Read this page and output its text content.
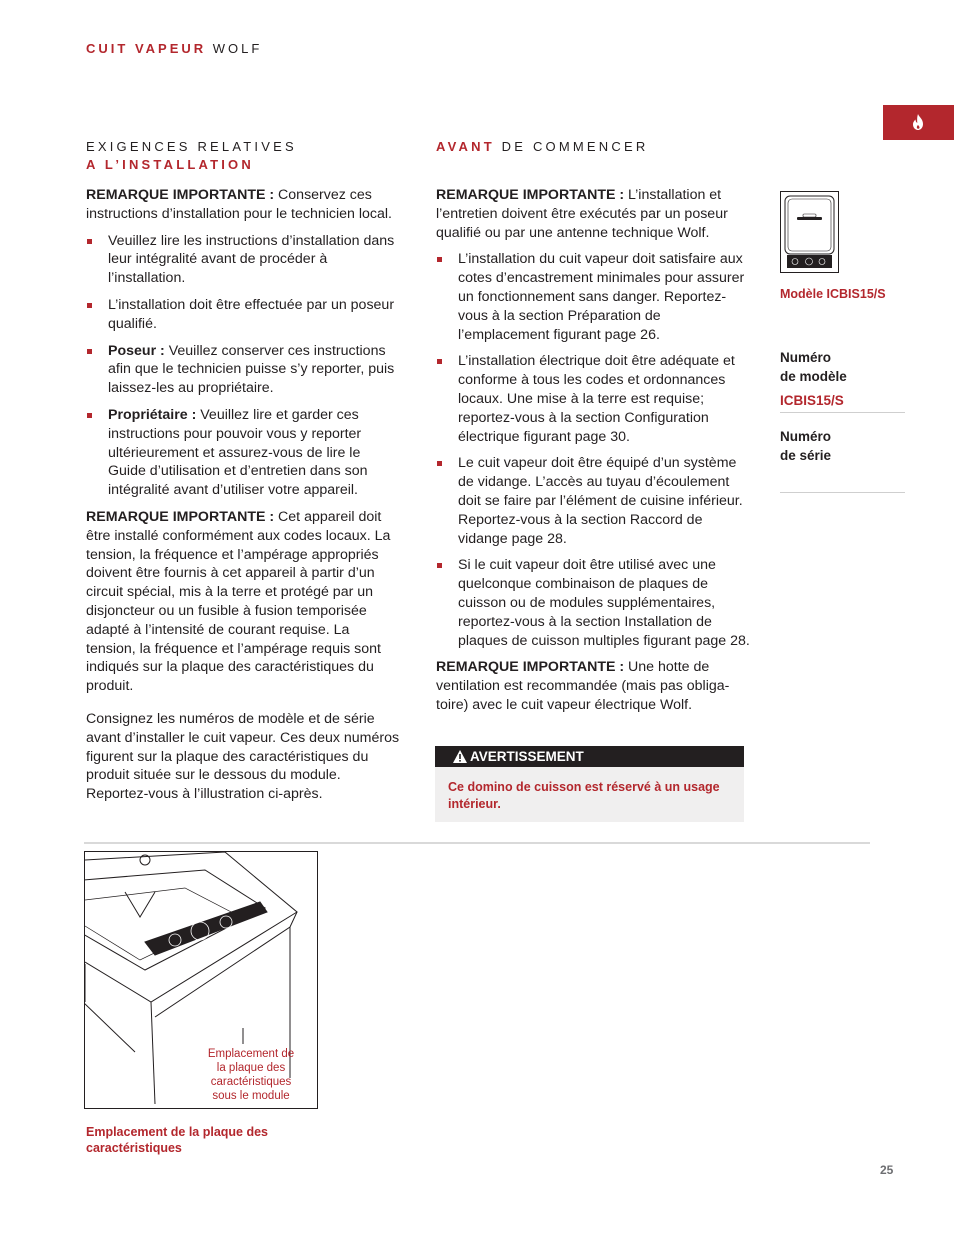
CUIT VAPEUR WOLF
EXIGENCES RELATIVES
A L’INSTALLATION

REMARQUE IMPORTANTE : Conservez ces instructions d’installation pour le technicien local.

Veuillez lire les instructions d’installation dans leur intégralité avant de procéder à l’installation.
L’installation doit être effectuée par un poseur qualifié.
Poseur : Veuillez conserver ces instructions afin que le technicien puisse s’y reporter, puis laissez-les au propriétaire.
Propriétaire : Veuillez lire et garder ces instructions pour pouvoir vous y reporter ultérieurement et assurez-vous de lire le Guide d’utilisation et d’entretien dans son intégralité avant d’utiliser votre appareil.

REMARQUE IMPORTANTE : Cet appareil doit être installé conformément aux codes locaux. La tension, la fréquence et l’ampérage appropriés doivent être fournis à cet appareil à partir d’un circuit spécial, mis à la terre et protégé par un disjoncteur ou un fusible à fusion temporisée adapté à l’intensité de courant requise. La tension, la fréquence et l’ampérage requis sont indiqués sur la plaque des caractéristiques du produit.

Consignez les numéros de modèle et de série avant d’installer le cuit vapeur. Ces deux numéros figurent sur la plaque des caractéristiques du produit située sur le dessous du module. Reportez-vous à l’illustration ci-après.

AVANT DE COMMENCER

REMARQUE IMPORTANTE : L’installation et l’entretien doivent être exécutés par un poseur qualifié ou par une antenne technique Wolf.

L’installation du cuit vapeur doit satisfaire aux cotes d’encastrement minimales pour assurer un fonctionnement sans danger. Reportez-vous à la section Préparation de l’emplacement figurant page 26.
L’installation électrique doit être adéquate et conforme à tous les codes et ordonnances locaux. Une mise à la terre est requise; reportez-vous à la section Configuration électrique figurant page 30.
Le cuit vapeur doit être équipé d’un système de vidange. L’accès au tuyau d’écoulement doit se faire par l’élément de cuisine inférieur. Reportez-vous à la section Raccord de vidange page 28.
Si le cuit vapeur doit être utilisé avec une quelconque combinaison de plaques de cuisson ou de modules supplémentaires, reportez-vous à la section Installation de plaques de cuisson multiples figurant page 28.

REMARQUE IMPORTANTE : Une hotte de ventilation est recommandée (mais pas obligatoire) avec le cuit vapeur électrique Wolf.

AVERTISSEMENT
Ce domino de cuisson est réservé à un usage intérieur.
Modèle ICBIS15/S
Numéro
de modèle
ICBIS15/S
Numéro
de série
Emplacement de
la plaque des
caractéristiques
sous le module
Emplacement de la plaque des caractéristiques
25
